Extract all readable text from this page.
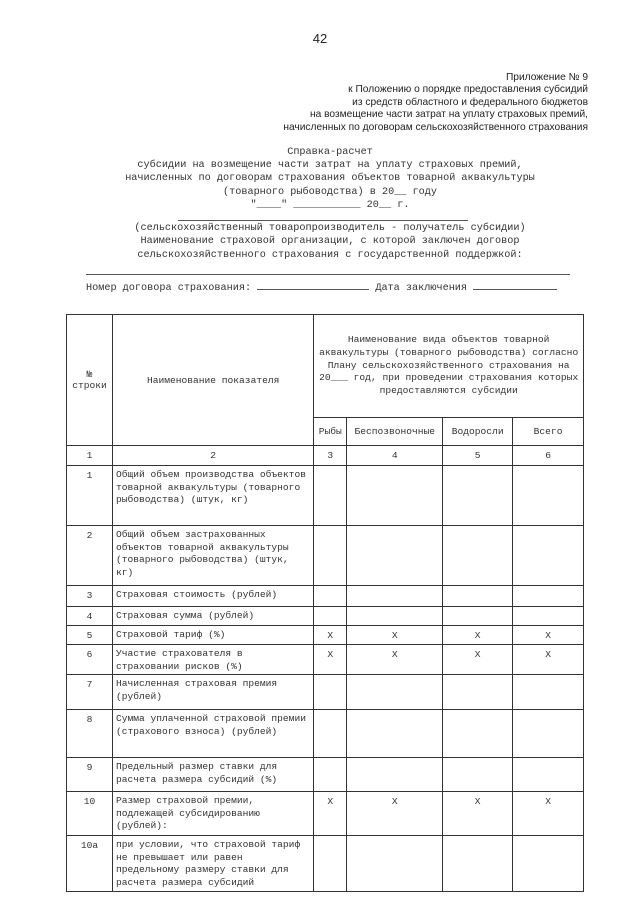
42
Приложение № 9
к Положению о порядке предоставления субсидий
из средств областного и федерального бюджетов
на возмещение части затрат на уплату страховых премий,
начисленных по договорам сельскохозяйственного страхования
Справка-расчет
субсидии на возмещение части затрат на уплату страховых премий,
начисленных по договорам страхования объектов товарной аквакультуры
(товарного рыбоводства) в 20__ году
"____" ___________ 20__ г.
(сельскохозяйственный товаропроизводитель - получатель субсидии)
Наименование страховой организации, с которой заключен договор
сельскохозяйственного страхования с государственной поддержкой:
Номер договора страхования:	Дата заключения
№ строки	Наименование показателя	Наименование вида объектов товарной аквакультуры (товарного рыбоводства) согласно Плану сельскохозяйственного страхования на 20___ год, при проведении страхования которых предоставляются субсидии			
		Рыбы	Беспозвоночные	Водоросли	Всего
1	2	3	4	5	6
1	Общий объем производства объектов товарной аквакультуры (товарного рыбоводства) (штук, кг)				
2	Общий объем застрахованных объектов товарной аквакультуры (товарного рыбоводства) (штук, кг)				
3	Страховая стоимость (рублей)				
4	Страховая сумма (рублей)				
5	Страховой тариф (%)	Х	Х	Х	Х
6	Участие страхователя в страховании рисков (%)	Х	Х	Х	Х
7	Начисленная страховая премия (рублей)				
8	Сумма уплаченной страховой премии (страхового взноса) (рублей)				
9	Предельный размер ставки для расчета размера субсидий (%)				
10	Размер страховой премии, подлежащей субсидированию (рублей):	Х	Х	Х	Х
10а	при условии, что страховой тариф не превышает или равен предельному размеру ставки для расчета размера субсидий				
